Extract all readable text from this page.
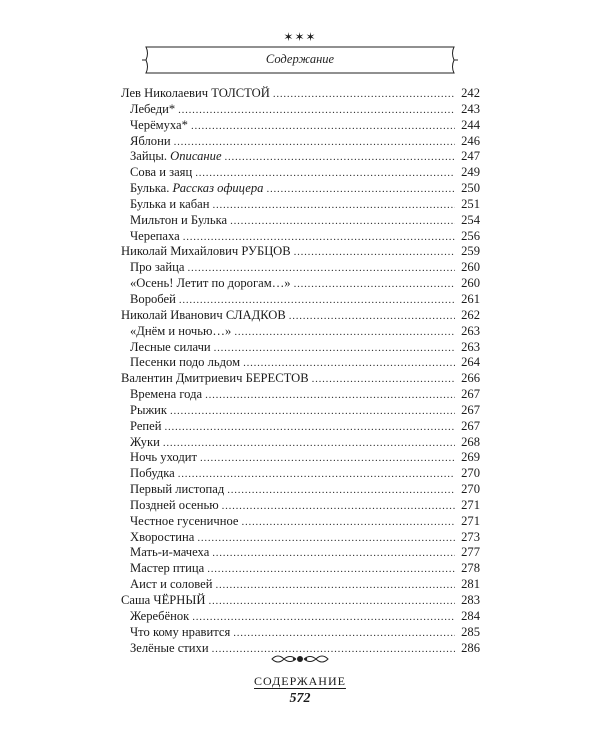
✶✶✶
Содержание
Лев Николаевич ТОЛСТОЙ . . .	242
Лебеди* . . .	243
Черёмуха* . . .	244
Яблони . . .	246
Зайцы. Описание . . .	247
Сова и заяц . . .	249
Булька. Рассказ офицера . . .	250
Булька и кабан . . .	251
Мильтон и Булька . . .	254
Черепаха . . .	256
Николай Михайлович РУБЦОВ . . .	259
Про зайца . . .	260
«Осень! Летит по дорогам…» . . .	260
Воробей . . .	261
Николай Иванович СЛАДКОВ . . .	262
«Днём и ночью…» . . .	263
Лесные силачи . . .	263
Песенки подо льдом . . .	264
Валентин Дмитриевич БЕРЕСТОВ . . .	266
Времена года . . .	267
Рыжик . . .	267
Репей . . .	267
Жуки . . .	268
Ночь уходит . . .	269
Побудка . . .	270
Первый листопад . . .	270
Поздней осенью . . .	271
Честное гусеничное . . .	271
Хворостина . . .	273
Мать-и-мачеха . . .	277
Мастер птица . . .	278
Аист и соловей . . .	281
Саша ЧЁРНЫЙ . . .	283
Жеребёнок . . .	284
Что кому нравится . . .	285
Зелёные стихи . . .	286
СОДЕРЖАНИЕ
572
